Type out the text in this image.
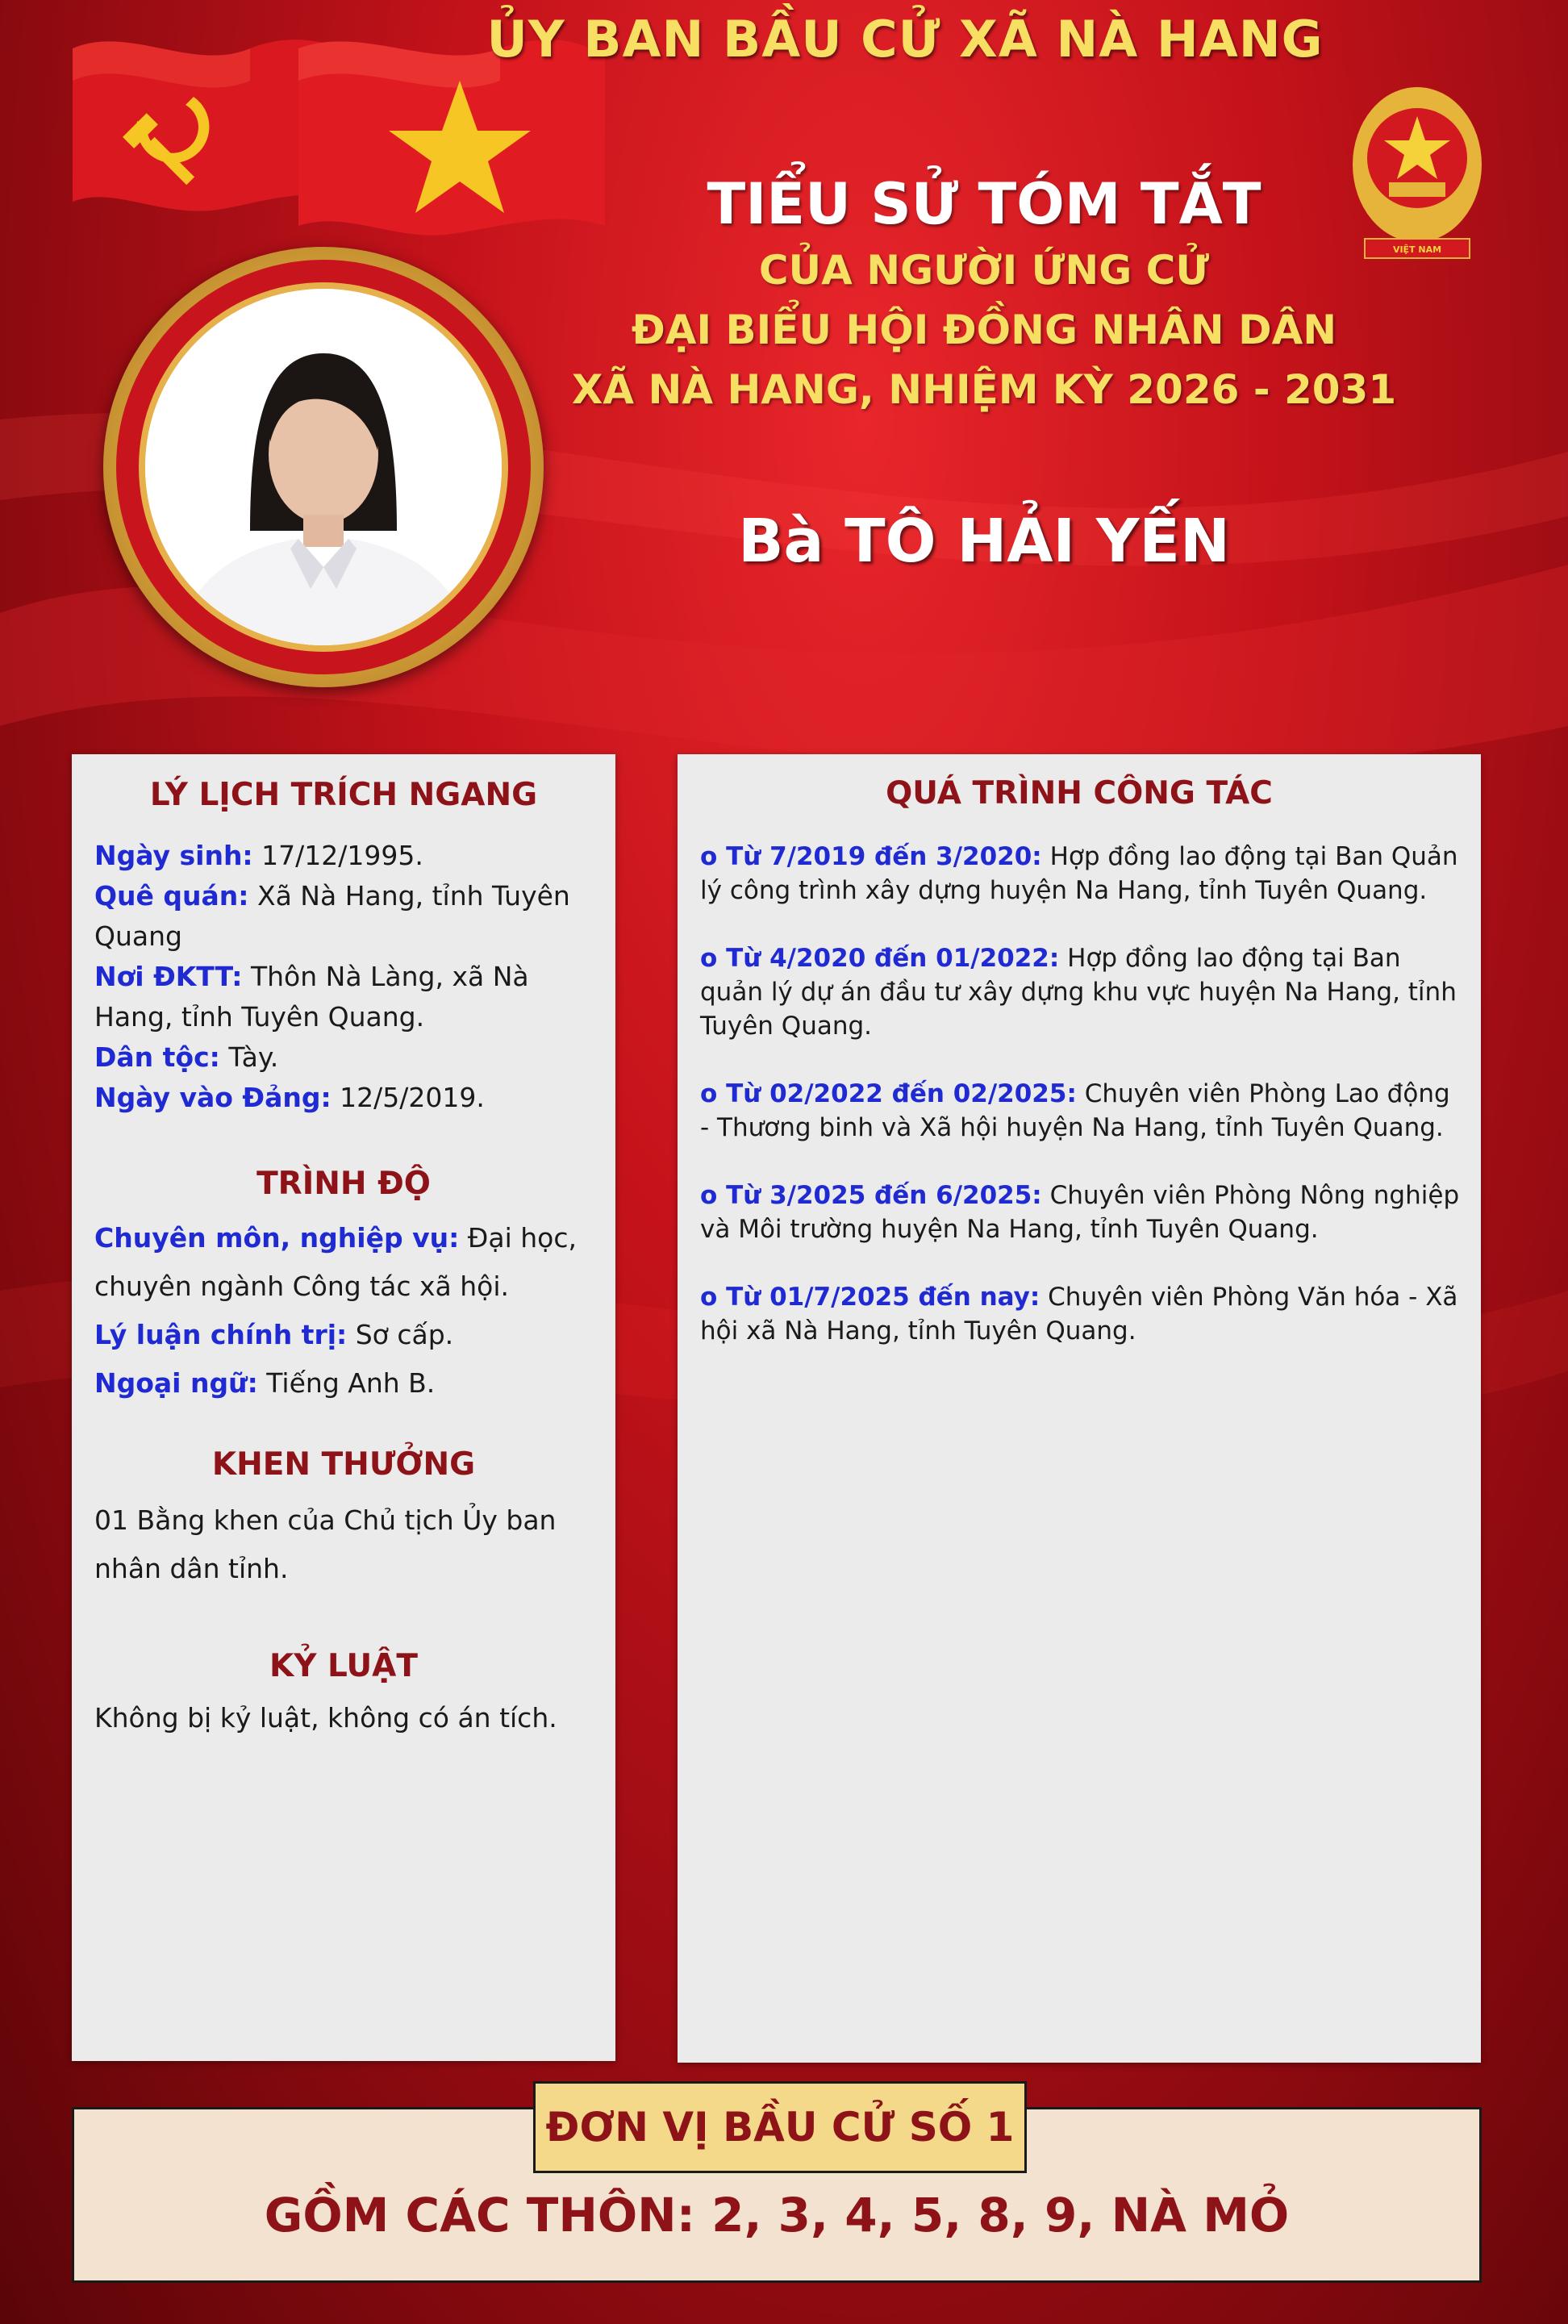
VIỆT NAM
ỦY BAN BẦU CỬ XÃ NÀ HANG
TIỂU SỬ TÓM TẮT
CỦA NGƯỜI ỨNG CỬ
ĐẠI BIỂU HỘI ĐỒNG NHÂN DÂN
XÃ NÀ HANG, NHIỆM KỲ 2026 - 2031
Bà TÔ HẢI YẾN
LÝ LỊCH TRÍCH NGANG
Ngày sinh: 17/12/1995.
Quê quán: Xã Nà Hang, tỉnh Tuyên Quang
Nơi ĐKTT: Thôn Nà Làng, xã Nà Hang, tỉnh Tuyên Quang.
Dân tộc: Tày.
Ngày vào Đảng: 12/5/2019.
TRÌNH ĐỘ
Chuyên môn, nghiệp vụ: Đại học, chuyên ngành Công tác xã hội.
Lý luận chính trị: Sơ cấp.
Ngoại ngữ: Tiếng Anh B.
KHEN THƯỞNG
01 Bằng khen của Chủ tịch Ủy ban nhân dân tỉnh.
KỶ LUẬT
Không bị kỷ luật, không có án tích.
QUÁ TRÌNH CÔNG TÁC
o Từ 7/2019 đến 3/2020: Hợp đồng lao động tại Ban Quản lý công trình xây dựng huyện Na Hang, tỉnh Tuyên Quang.
o Từ 4/2020 đến 01/2022: Hợp đồng lao động tại Ban quản lý dự án đầu tư xây dựng khu vực huyện Na Hang, tỉnh Tuyên Quang.
o Từ 02/2022 đến 02/2025: Chuyên viên Phòng Lao động - Thương binh và Xã hội huyện Na Hang, tỉnh Tuyên Quang.
o Từ 3/2025 đến 6/2025: Chuyên viên Phòng Nông nghiệp và Môi trường huyện Na Hang, tỉnh Tuyên Quang.
o Từ 01/7/2025 đến nay: Chuyên viên Phòng Văn hóa - Xã hội xã Nà Hang, tỉnh Tuyên Quang.
ĐƠN VỊ BẦU CỬ SỐ 1
GỒM CÁC THÔN: 2, 3, 4, 5, 8, 9, NÀ MỎ
